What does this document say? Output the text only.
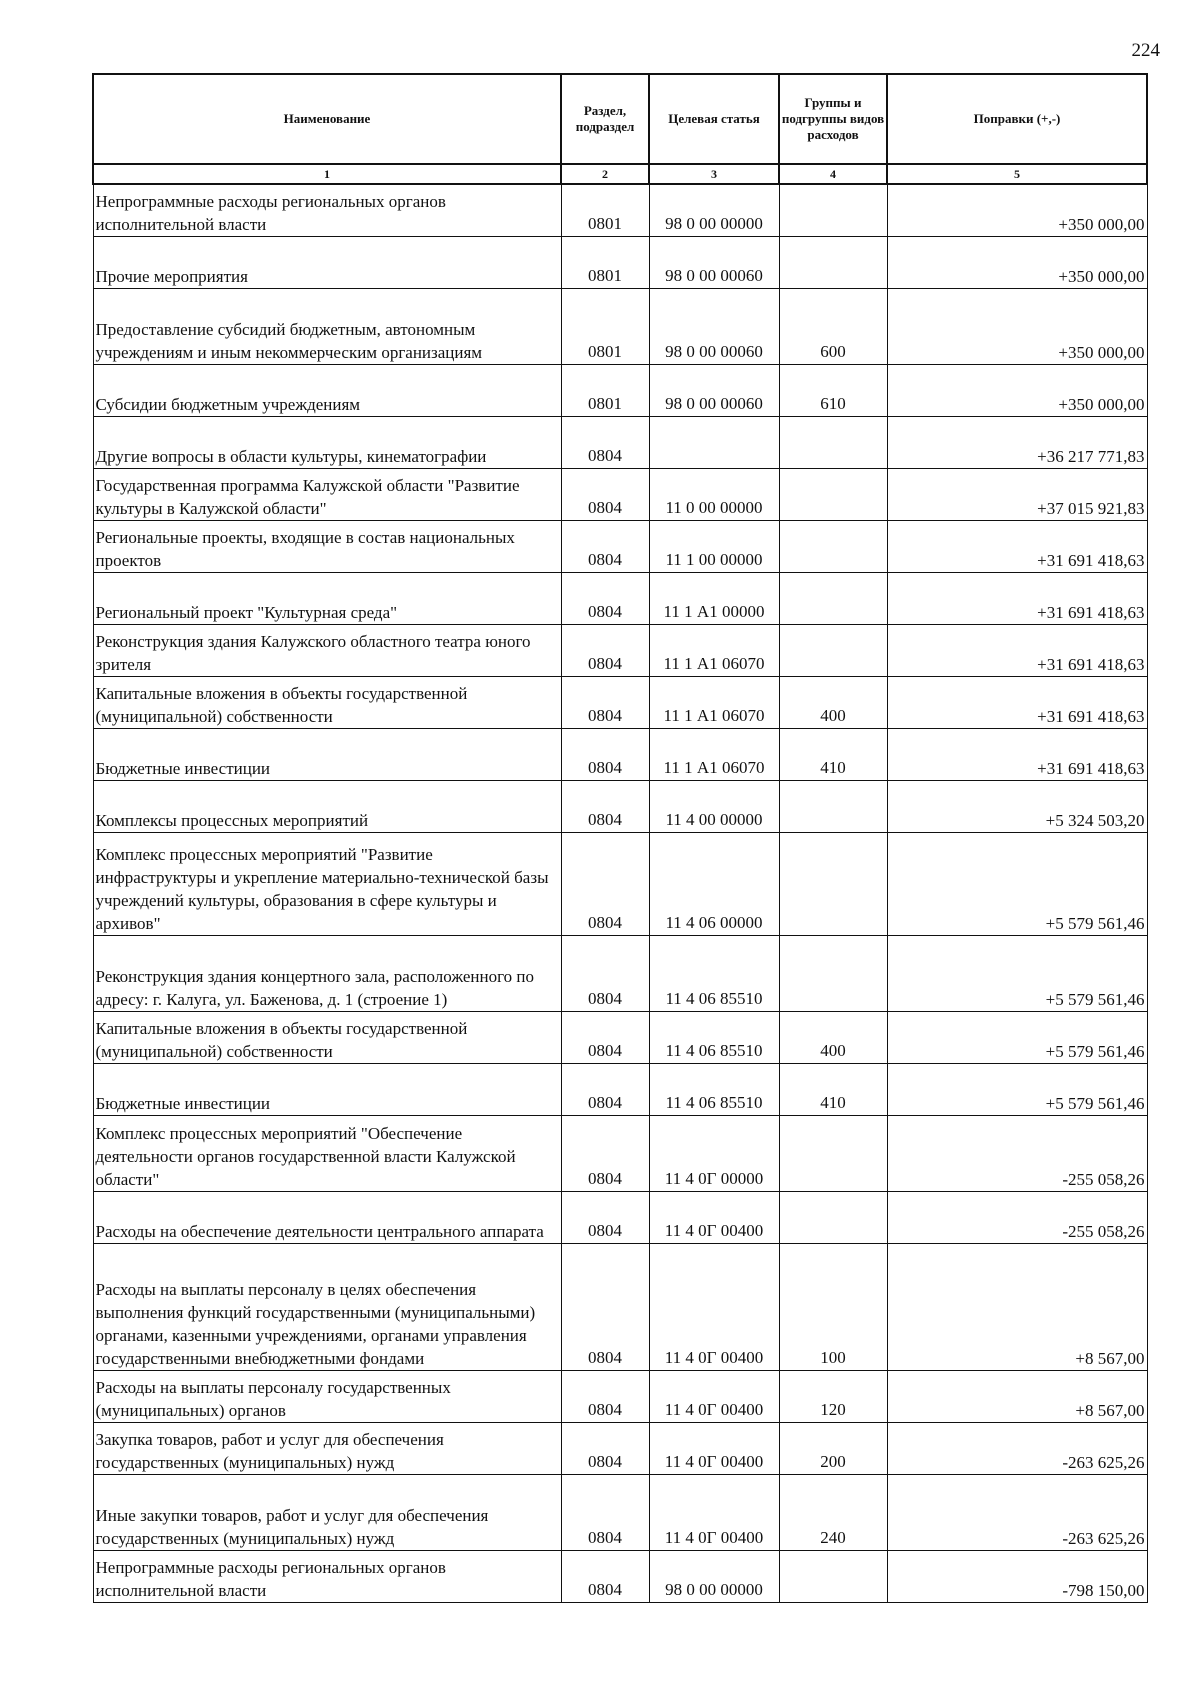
224
Наименование	Раздел, подраздел	Целевая статья	Группы и подгруппы видов расходов	Поправки (+,-)
1	2	3	4	5
Непрограммные расходы региональных органов исполнительной власти	0801	98 0 00 00000		+350 000,00
Прочие мероприятия	0801	98 0 00 00060		+350 000,00
Предоставление субсидий бюджетным, автономным учреждениям и иным некоммерческим организациям	0801	98 0 00 00060	600	+350 000,00
Субсидии бюджетным учреждениям	0801	98 0 00 00060	610	+350 000,00
Другие вопросы в области культуры, кинематографии	0804			+36 217 771,83
Государственная программа Калужской области "Развитие культуры в Калужской области"	0804	11 0 00 00000		+37 015 921,83
Региональные проекты, входящие в состав национальных проектов	0804	11 1 00 00000		+31 691 418,63
Региональный проект "Культурная среда"	0804	11 1 А1 00000		+31 691 418,63
Реконструкция здания Калужского областного театра юного зрителя	0804	11 1 А1 06070		+31 691 418,63
Капитальные вложения в объекты государственной (муниципальной) собственности	0804	11 1 А1 06070	400	+31 691 418,63
Бюджетные инвестиции	0804	11 1 А1 06070	410	+31 691 418,63
Комплексы процессных мероприятий	0804	11 4 00 00000		+5 324 503,20
Комплекс процессных мероприятий "Развитие инфраструктуры и укрепление материально-технической базы учреждений культуры, образования в сфере культуры и архивов"	0804	11 4 06 00000		+5 579 561,46
Реконструкция здания концертного зала, расположенного по адресу: г. Калуга, ул. Баженова, д. 1 (строение 1)	0804	11 4 06 85510		+5 579 561,46
Капитальные вложения в объекты государственной (муниципальной) собственности	0804	11 4 06 85510	400	+5 579 561,46
Бюджетные инвестиции	0804	11 4 06 85510	410	+5 579 561,46
Комплекс процессных мероприятий "Обеспечение деятельности органов государственной власти Калужской области"	0804	11 4 0Г 00000		-255 058,26
Расходы на обеспечение деятельности центрального аппарата	0804	11 4 0Г 00400		-255 058,26
Расходы на выплаты персоналу в целях обеспечения выполнения функций государственными (муниципальными) органами, казенными учреждениями, органами управления государственными внебюджетными фондами	0804	11 4 0Г 00400	100	+8 567,00
Расходы на выплаты персоналу государственных (муниципальных) органов	0804	11 4 0Г 00400	120	+8 567,00
Закупка товаров, работ и услуг для обеспечения государственных (муниципальных) нужд	0804	11 4 0Г 00400	200	-263 625,26
Иные закупки товаров, работ и услуг для обеспечения государственных (муниципальных) нужд	0804	11 4 0Г 00400	240	-263 625,26
Непрограммные расходы региональных органов исполнительной власти	0804	98 0 00 00000		-798 150,00
